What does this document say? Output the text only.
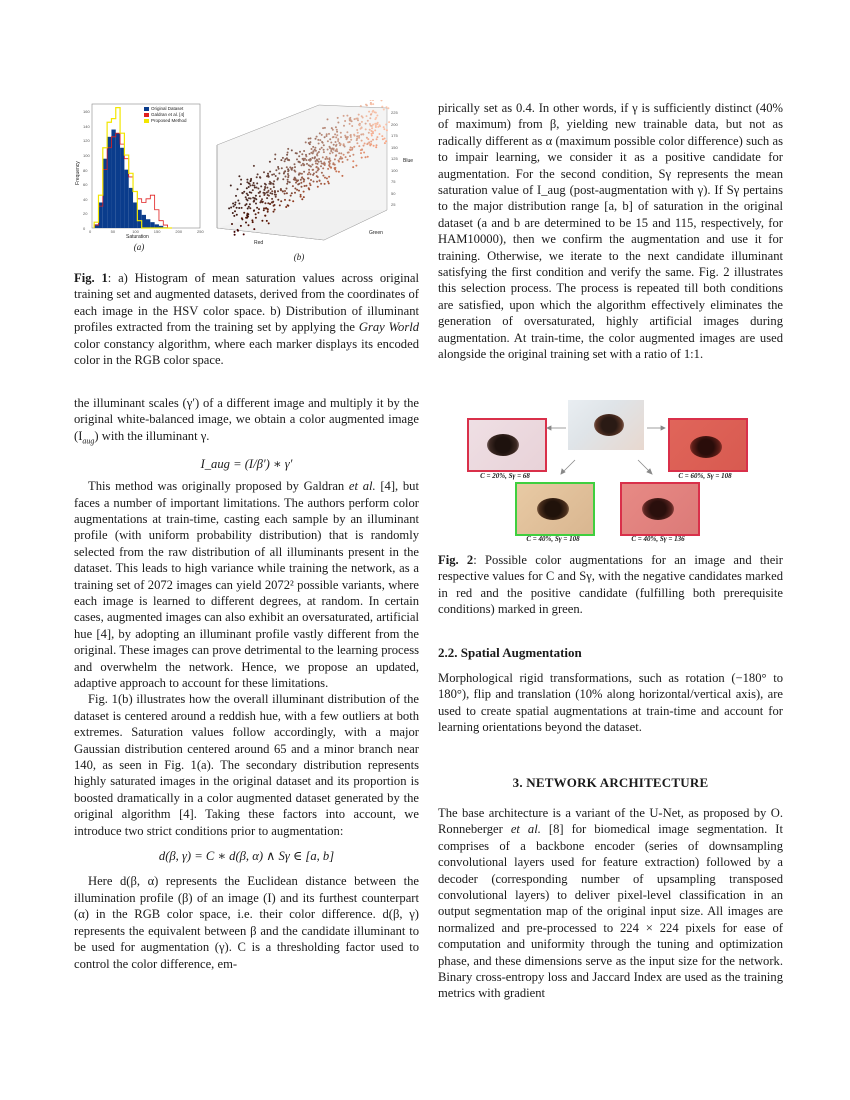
Original Dataset
Galdran et al. [4]
Proposed Method
Frequency
Saturation
0	50	100	150	200	250
0
20
40
60
80
100
120
140
160
(a)	Red
Green
Blue
225
200
175
150
125
100
75
50
25
(b)

Fig. 1: a) Histogram of mean saturation values across original training set and augmented datasets, derived from the coordinates of each image in the HSV color space. b) Distribution of illuminant profiles extracted from the training set by applying the Gray World color constancy algorithm, where each marker displays its encoded color in the RGB color space.

the illuminant scales (γ′) of a different image and multiply it by the original white-balanced image, we obtain a color augmented image $(I_{aug})$ with the illuminant γ.

I_aug = (I/β′) ∗ γ′

This method was originally proposed by Galdran et al. [4], but faces a number of important limitations. The authors perform color augmentations at train-time, casting each sample by an illuminant profile (with uniform probability distribution) that is randomly selected from the raw distribution of all illuminants present in the dataset. This leads to high variance while training the network, as a training set of 2072 images can yield 2072² possible variants, where each image is learned to different degrees, at random. In certain cases, augmented images can also exhibit an oversaturated, artificial hue [4], by adopting an illuminant profile vastly different from the original. These images can prove detrimental to the learning process and overwhelm the network. Hence, we propose an updated, adaptive approach to account for these limitations.

Fig. 1(b) illustrates how the overall illuminant distribution of the dataset is centered around a reddish hue, with a few outliers at both extremes. Saturation values follow accordingly, with a major Gaussian distribution centered around 65 and a minor branch near 140, as seen in Fig. 1(a). The secondary distribution represents highly saturated images in the original dataset and its proportion is boosted dramatically in a color augmented dataset generated by the original algorithm [4]. Taking these factors into account, we introduce two strict conditions prior to augmentation:

d(β, γ) = C ∗ d(β, α) ∧ Sγ ∈ [a, b]

Here d(β, α) represents the Euclidean distance between the illumination profile (β) of an image (I) and its furthest counterpart (α) in the RGB color space, i.e. their color difference. d(β, γ) represents the equivalent between β and the candidate illuminant to be used for augmentation (γ). C is a thresholding factor used to control the color difference, em-

pirically set as 0.4. In other words, if γ is sufficiently distinct (40% of maximum) from β, yielding new trainable data, but not as radically different as α (maximum possible color difference) such as to impair learning, we consider it as a positive candidate for augmentation. For the second condition, Sγ represents the mean saturation value of I_aug (post-augmentation with γ). If Sγ pertains to the major distribution range [a, b] of saturation in the original dataset (a and b are determined to be 15 and 115, respectively, for HAM10000), then we confirm the augmentation and use it for training. Otherwise, we iterate to the next candidate illuminant satisfying the first condition and verify the same. Fig. 2 illustrates this selection process. The process is repeated till both conditions are satisfied, upon which the algorithm effectively eliminates the generation of oversaturated, highly artificial images during augmentation. At train-time, the color augmented images are used alongside the original training set with a ratio of 1:1.

Fig. 2: Possible color augmentations for an image and their respective values for C and Sγ, with the negative candidates marked in red and the positive candidate (fulfilling both prerequisite conditions) marked in green.

2.2. Spatial Augmentation

Morphological rigid transformations, such as rotation (−180° to 180°), flip and translation (10% along horizontal/vertical axis), are used to create spatial augmentations at train-time and account for learning orientations beyond the dataset.

3. NETWORK ARCHITECTURE

The base architecture is a variant of the U-Net, as proposed by O. Ronneberger et al. [8] for biomedical image segmentation. It comprises of a backbone encoder (series of downsampling convolutional layers used for feature extraction) followed by a decoder (corresponding number of upsampling transposed convolutional layers) to deliver pixel-level classification in an output segmentation map of the original input size. All images are normalized and pre-processed to 224 × 224 pixels for ease of computation and uniformity through the tuning and optimization phase, and these dimensions serve as the input size for the network. Binary cross-entropy loss and Jaccard Index are used as the training metrics with gradient

C = 20%, Sγ = 68	C = 60%, Sγ = 108
C = 40%, Sγ = 108	C = 40%, Sγ = 136
